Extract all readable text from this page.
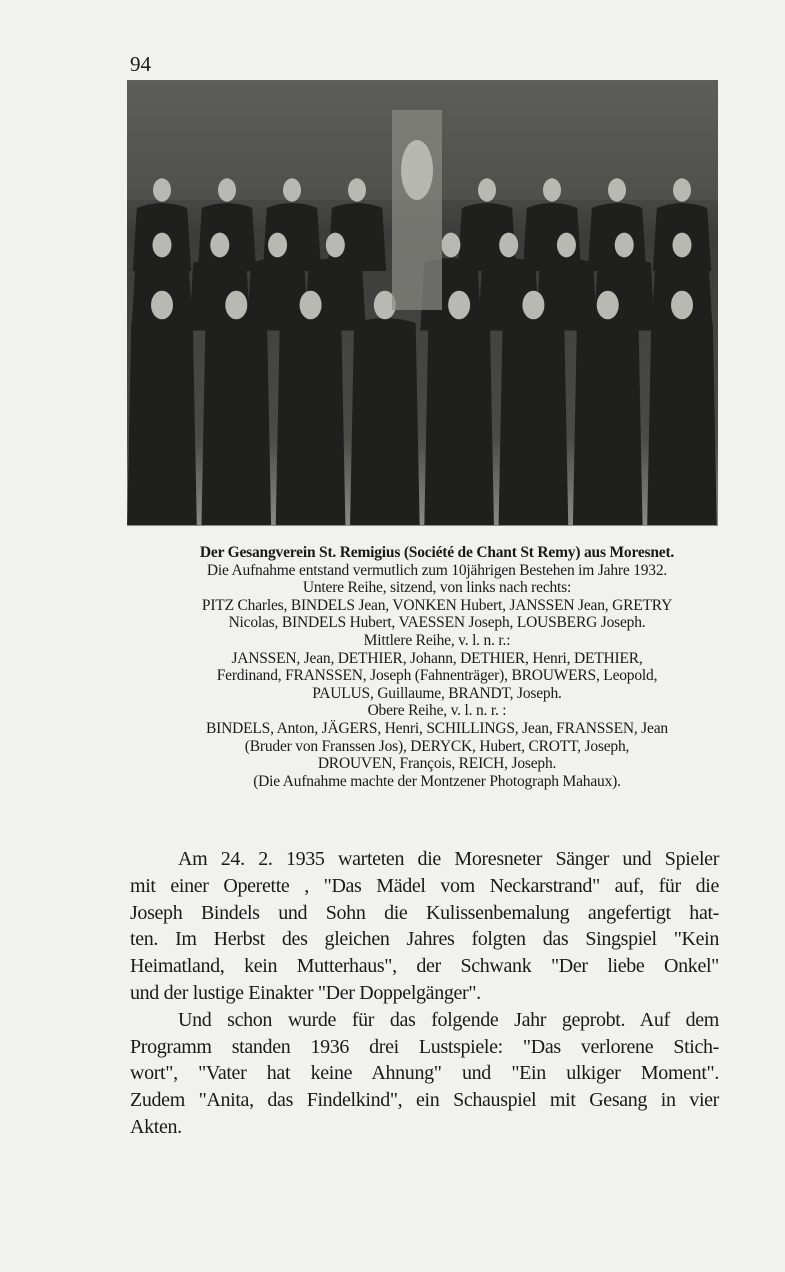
94
Der Gesangverein St. Remigius (Société de Chant St Remy) aus Moresnet.
Die Aufnahme entstand vermutlich zum 10jährigen Bestehen im Jahre 1932.
Untere Reihe, sitzend, von links nach rechts:
PITZ Charles, BINDELS Jean, VONKEN Hubert, JANSSEN Jean, GRETRY
Nicolas, BINDELS Hubert, VAESSEN Joseph, LOUSBERG Joseph.
Mittlere Reihe, v. l. n. r.:
JANSSEN, Jean, DETHIER, Johann, DETHIER, Henri, DETHIER,
Ferdinand, FRANSSEN, Joseph (Fahnenträger), BROUWERS, Leopold,
PAULUS, Guillaume, BRANDT, Joseph.
Obere Reihe, v. l. n. r. :
BINDELS, Anton, JÄGERS, Henri, SCHILLINGS, Jean, FRANSSEN, Jean
(Bruder von Franssen Jos), DERYCK, Hubert, CROTT, Joseph,
DROUVEN, François, REICH, Joseph.
(Die Aufnahme machte der Montzener Photograph Mahaux).
Am 24. 2. 1935 warteten die Moresneter Sänger und Spieler
mit einer Operette , "Das Mädel vom Neckarstrand" auf, für die
Joseph Bindels und Sohn die Kulissenbemalung angefertigt hat-
ten. Im Herbst des gleichen Jahres folgten das Singspiel "Kein
Heimatland, kein Mutterhaus", der Schwank "Der liebe Onkel"
und der lustige Einakter "Der Doppelgänger".
Und schon wurde für das folgende Jahr geprobt. Auf dem
Programm standen 1936 drei Lustspiele: "Das verlorene Stich-
wort", "Vater hat keine Ahnung" und "Ein ulkiger Moment".
Zudem "Anita, das Findelkind", ein Schauspiel mit Gesang in vier
Akten.
